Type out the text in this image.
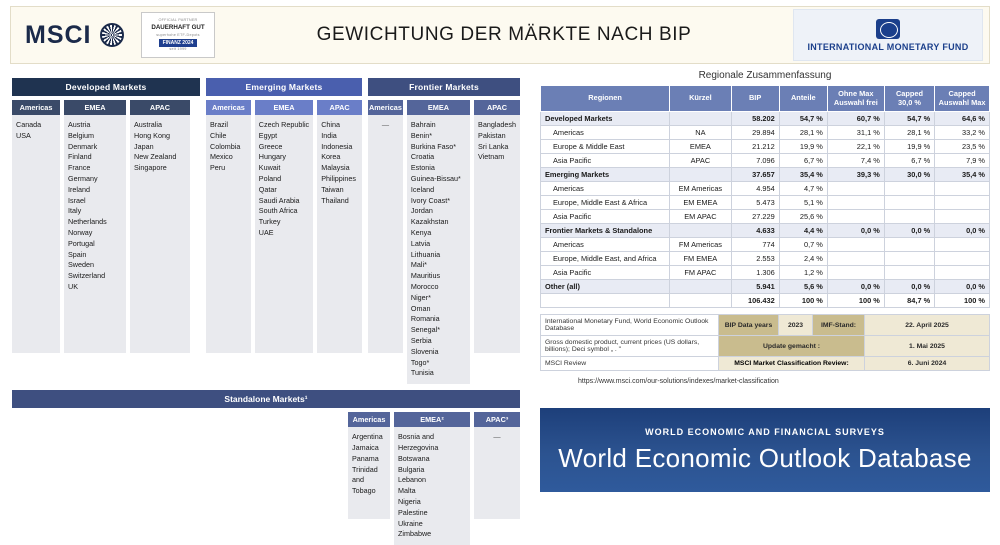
MSCI
OFFICIAL PARTNER
DAUERHAFT GUT
superhohe ETF-Depots
FINANZ 2024
seit 1999
GEWICHTUNG DER MÄRKTE NACH BIP
INTERNATIONAL MONETARY FUND
Developed Markets
Americas
Canada
USA
EMEA
Austria
Belgium
Denmark
Finland
France
Germany
Ireland
Israel
Italy
Netherlands
Norway
Portugal
Spain
Sweden
Switzerland
UK
APAC
Australia
Hong Kong
Japan
New Zealand
Singapore
Emerging Markets
Americas
Brazil
Chile
Colombia
Mexico
Peru
EMEA
Czech Republic
Egypt
Greece
Hungary
Kuwait
Poland
Qatar
Saudi Arabia
South Africa
Turkey
UAE
APAC
China
India
Indonesia
Korea
Malaysia
Philippines
Taiwan
Thailand
Frontier Markets
Americas
—
EMEA
Bahrain
Benin*
Burkina Faso*
Croatia
Estonia
Guinea-Bissau*
Iceland
Ivory Coast*
Jordan
Kazakhstan
Kenya
Latvia
Lithuania
Mali*
Mauritius
Morocco
Niger*
Oman
Romania
Senegal*
Serbia
Slovenia
Togo*
Tunisia
APAC
Bangladesh
Pakistan
Sri Lanka
Vietnam
Standalone Markets¹
Americas
Argentina
Jamaica
Panama
Trinidad and Tobago
EMEA²
Bosnia and Herzegovina
Botswana
Bulgaria
Lebanon
Malta
Nigeria
Palestine
Ukraine
Zimbabwe
APAC³
—
Regionale Zusammenfassung
Regionen	Kürzel	BIP	Anteile	Ohne Max Auswahl frei	Capped 30,0 %	Capped Auswahl Max
Developed Markets		58.202	54,7 %	60,7 %	54,7 %	64,6 %
Americas	NA	29.894	28,1 %	31,1 %	28,1 %	33,2 %
Europe & Middle East	EMEA	21.212	19,9 %	22,1 %	19,9 %	23,5 %
Asia Pacific	APAC	7.096	6,7 %	7,4 %	6,7 %	7,9 %
Emerging Markets		37.657	35,4 %	39,3 %	30,0 %	35,4 %
Americas	EM Americas	4.954	4,7 %			
Europe, Middle East & Africa	EM EMEA	5.473	5,1 %			
Asia Pacific	EM APAC	27.229	25,6 %			
Frontier Markets & Standalone		4.633	4,4 %	0,0 %	0,0 %	0,0 %
Americas	FM Americas	774	0,7 %			
Europe, Middle East, and Africa	FM EMEA	2.553	2,4 %			
Asia Pacific	FM APAC	1.306	1,2 %			
Other (all)		5.941	5,6 %	0,0 %	0,0 %	0,0 %
		106.432	100 %	100 %	84,7 %	100 %
International Monetary Fund, World Economic Outlook Database	BIP Data years	2023	IMF-Stand:	22. April 2025
Gross domestic product, current prices (US dollars, billions); Deci symbol „ . "	Update gemacht :			1. Mai 2025
MSCI Review	MSCI Market Classification Review:			6. Juni 2024
https://www.msci.com/our-solutions/indexes/market-classification
WORLD ECONOMIC AND FINANCIAL SURVEYS
World Economic Outlook Database
